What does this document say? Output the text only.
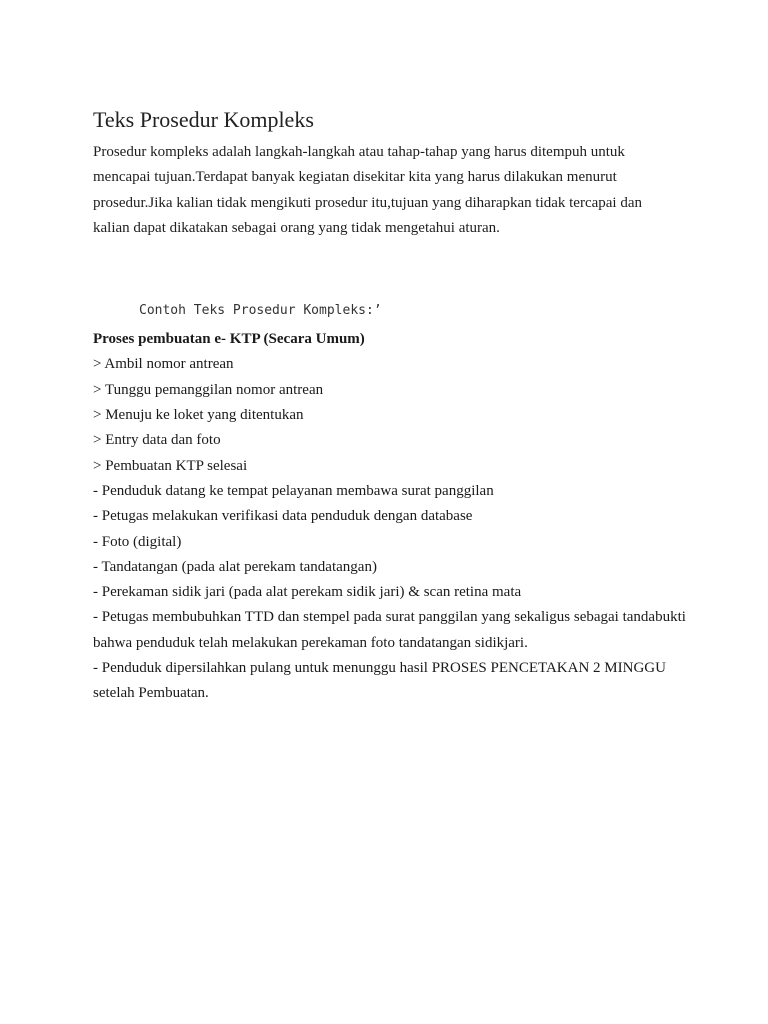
Teks Prosedur Kompleks

Prosedur kompleks adalah langkah-langkah atau tahap-tahap yang harus ditempuh untuk mencapai tujuan.Terdapat banyak kegiatan disekitar kita yang harus dilakukan menurut prosedur.Jika kalian tidak mengikuti prosedur itu,tujuan yang diharapkan tidak tercapai dan kalian dapat dikatakan sebagai orang yang tidak mengetahui aturan.

Contoh Teks Prosedur Kompleks:’
Proses pembuatan e- KTP (Secara Umum)
> Ambil nomor antrean
> Tunggu pemanggilan nomor antrean
> Menuju ke loket yang ditentukan
> Entry data dan foto
> Pembuatan KTP selesai
- Penduduk datang ke tempat pelayanan membawa surat panggilan
- Petugas melakukan verifikasi data penduduk dengan database
- Foto (digital)
- Tandatangan (pada alat perekam tandatangan)
- Perekaman sidik jari (pada alat perekam sidik jari) & scan retina mata
- Petugas membubuhkan TTD dan stempel pada surat panggilan yang sekaligus sebagai tandabukti bahwa penduduk telah melakukan perekaman foto tandatangan sidikjari.
- Penduduk dipersilahkan pulang untuk menunggu hasil PROSES PENCETAKAN 2 MINGGU setelah Pembuatan.
